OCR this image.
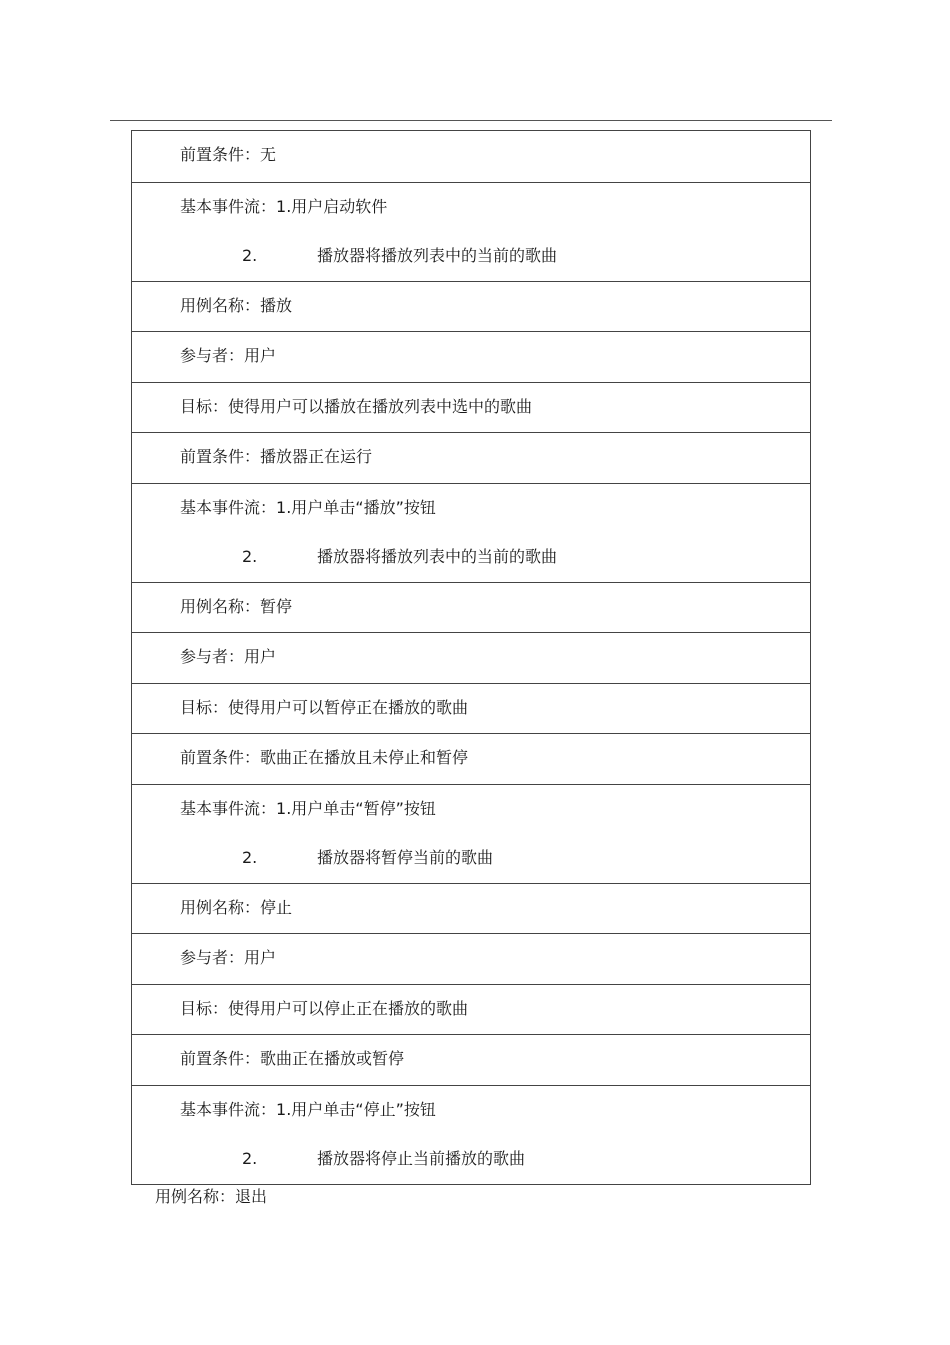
前置条件：无
基本事件流：1.用户启动软件
2.	播放器将播放列表中的当前的歌曲
用例名称：播放
参与者：用户
目标：使得用户可以播放在播放列表中选中的歌曲
前置条件：播放器正在运行
基本事件流：1.用户单击“播放”按钮
2.	播放器将播放列表中的当前的歌曲
用例名称：暂停
参与者：用户
目标：使得用户可以暂停正在播放的歌曲
前置条件：歌曲正在播放且未停止和暂停
基本事件流：1.用户单击“暂停”按钮
2.	播放器将暂停当前的歌曲
用例名称：停止
参与者：用户
目标：使得用户可以停止正在播放的歌曲
前置条件：歌曲正在播放或暂停
基本事件流：1.用户单击“停止”按钮
2.	播放器将停止当前播放的歌曲
用例名称：退出
